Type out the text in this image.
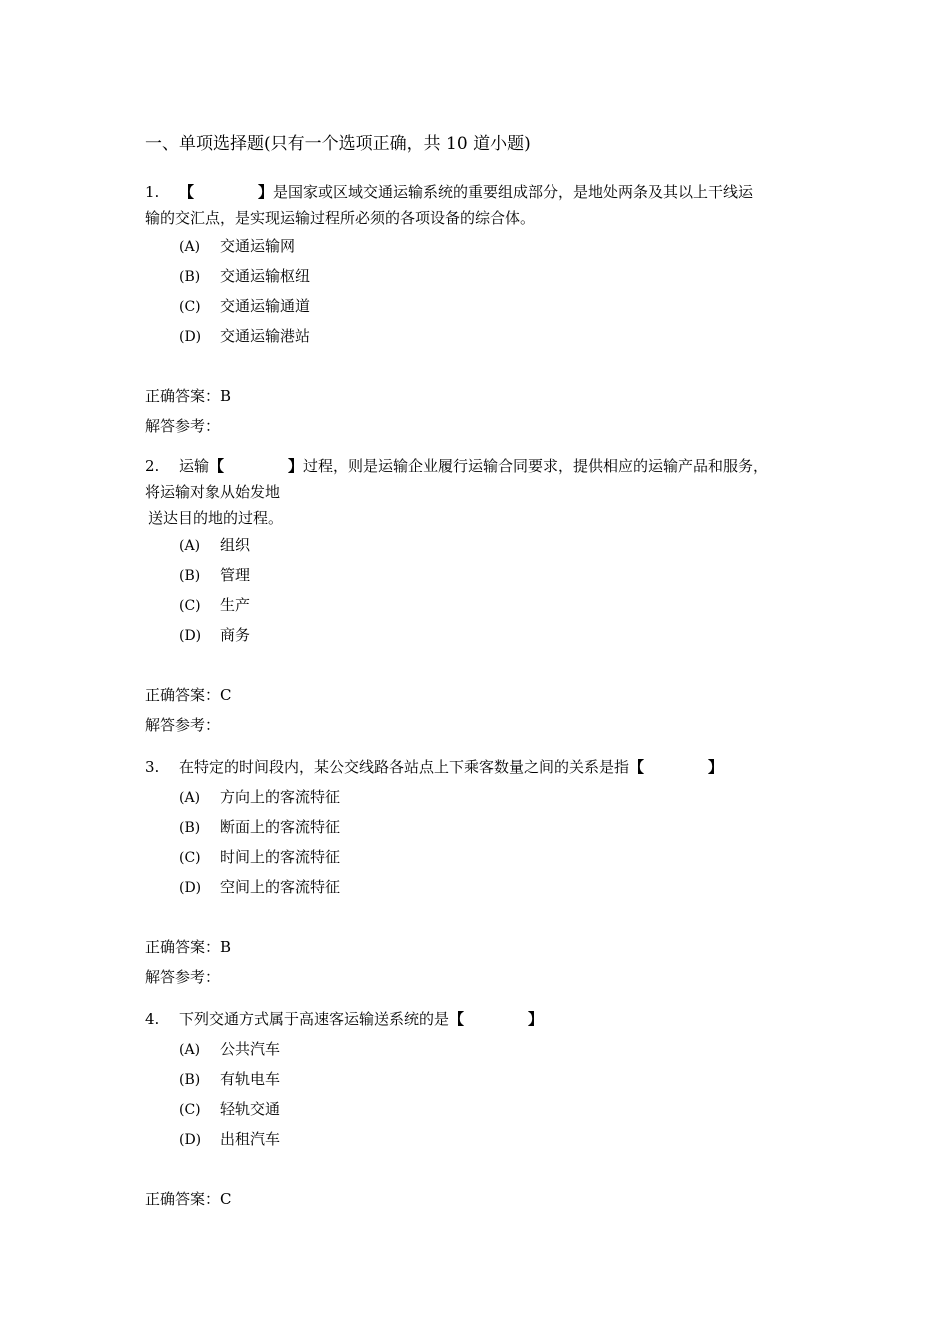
一、单项选择题(只有一个选项正确，共 10 道小题)
1. 【	】是国家或区域交通运输系统的重要组成部分，是地处两条及其以上干线运
输的交汇点，是实现运输过程所必须的各项设备的综合体。
(A) 交通运输网
(B) 交通运输枢纽
(C) 交通运输通道
(D) 交通运输港站
正确答案：B
解答参考：
2. 运输【	】过程，则是运输企业履行运输合同要求，提供相应的运输产品和服务，
将运输对象从始发地
送达目的地的过程。
(A) 组织
(B) 管理
(C) 生产
(D) 商务
正确答案：C
解答参考：
3. 在特定的时间段内，某公交线路各站点上下乘客数量之间的关系是指【	】
(A) 方向上的客流特征
(B) 断面上的客流特征
(C) 时间上的客流特征
(D) 空间上的客流特征
正确答案：B
解答参考：
4. 下列交通方式属于高速客运输送系统的是【	】
(A) 公共汽车
(B) 有轨电车
(C) 轻轨交通
(D) 出租汽车
正确答案：C
